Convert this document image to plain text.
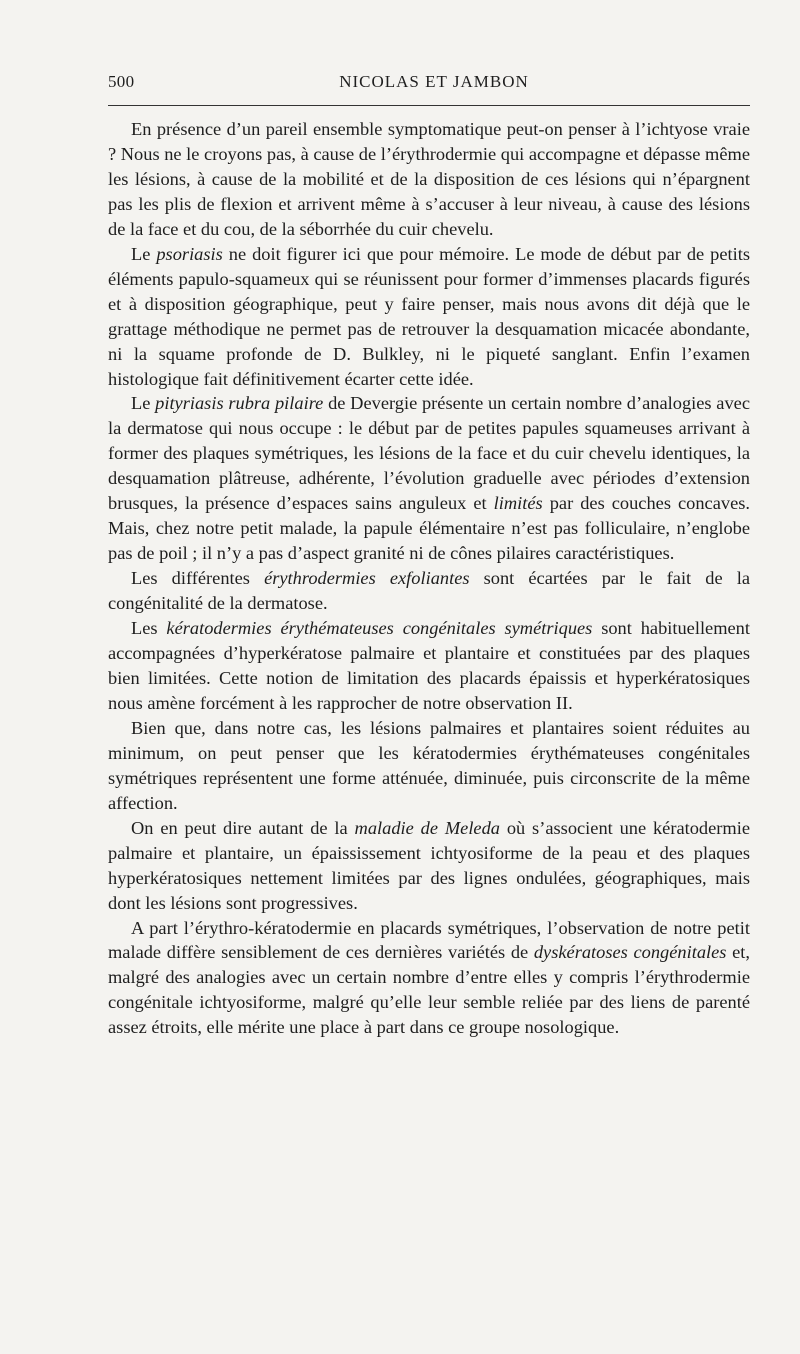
500	NICOLAS ET JAMBON

En présence d’un pareil ensemble symptomatique peut-on penser à l’ichtyose vraie ? Nous ne le croyons pas, à cause de l’érythrodermie qui accompagne et dépasse même les lésions, à cause de la mobilité et de la disposition de ces lésions qui n’épargnent pas les plis de flexion et arrivent même à s’accuser à leur niveau, à cause des lésions de la face et du cou, de la séborrhée du cuir chevelu.

Le psoriasis ne doit figurer ici que pour mémoire. Le mode de début par de petits éléments papulo-squameux qui se réunissent pour former d’immenses placards figurés et à disposition géographique, peut y faire penser, mais nous avons dit déjà que le grattage méthodique ne permet pas de retrouver la desquamation micacée abondante, ni la squame profonde de D. Bulkley, ni le piqueté sanglant. Enfin l’examen histologique fait définitivement écarter cette idée.

Le pityriasis rubra pilaire de Devergie présente un certain nombre d’analogies avec la dermatose qui nous occupe : le début par de petites papules squameuses arrivant à former des plaques symétriques, les lésions de la face et du cuir chevelu identiques, la desquamation plâtreuse, adhérente, l’évolution graduelle avec périodes d’extension brusques, la présence d’espaces sains anguleux et limités par des couches concaves. Mais, chez notre petit malade, la papule élémentaire n’est pas folliculaire, n’englobe pas de poil ; il n’y a pas d’aspect granité ni de cônes pilaires caractéristiques.

Les différentes érythrodermies exfoliantes sont écartées par le fait de la congénitalité de la dermatose.

Les kératodermies érythémateuses congénitales symétriques sont habituellement accompagnées d’hyperkératose palmaire et plantaire et constituées par des plaques bien limitées. Cette notion de limitation des placards épaissis et hyperkératosiques nous amène forcément à les rapprocher de notre observation II.

Bien que, dans notre cas, les lésions palmaires et plantaires soient réduites au minimum, on peut penser que les kératodermies érythémateuses congénitales symétriques représentent une forme atténuée, diminuée, puis circonscrite de la même affection.

On en peut dire autant de la maladie de Meleda où s’associent une kératodermie palmaire et plantaire, un épaississement ichtyosiforme de la peau et des plaques hyperkératosiques nettement limitées par des lignes ondulées, géographiques, mais dont les lésions sont progressives.

A part l’érythro-kératodermie en placards symétriques, l’observation de notre petit malade diffère sensiblement de ces dernières variétés de dyskératoses congénitales et, malgré des analogies avec un certain nombre d’entre elles y compris l’érythrodermie congénitale ichtyosiforme, malgré qu’elle leur semble reliée par des liens de parenté assez étroits, elle mérite une place à part dans ce groupe nosologique.
